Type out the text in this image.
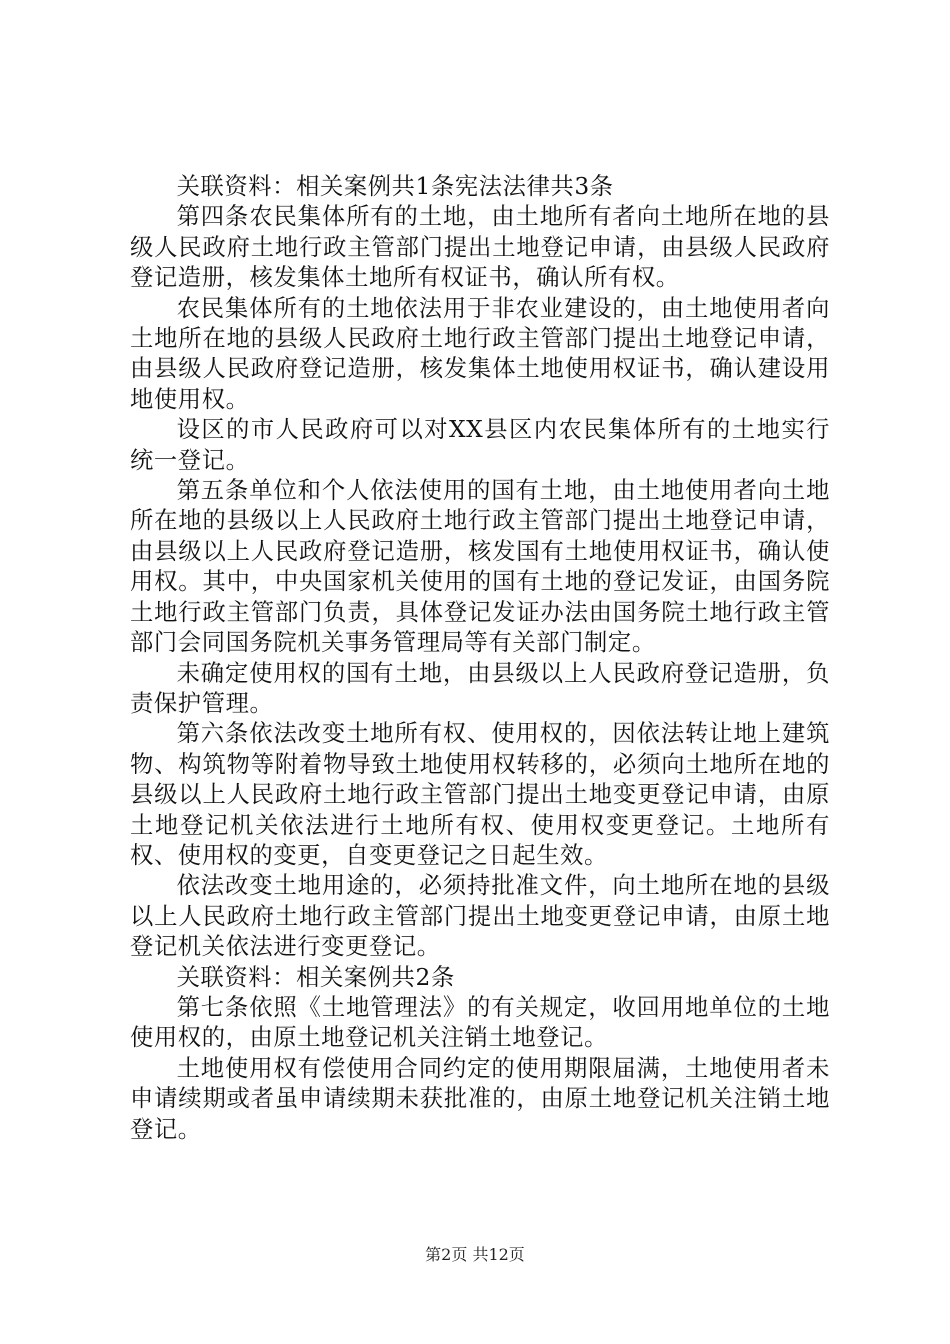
关联资料：相关案例共1条宪法法律共3条

第四条农民集体所有的土地，由土地所有者向土地所在地的县级人民政府土地行政主管部门提出土地登记申请，由县级人民政府登记造册，核发集体土地所有权证书，确认所有权。

农民集体所有的土地依法用于非农业建设的，由土地使用者向土地所在地的县级人民政府土地行政主管部门提出土地登记申请，由县级人民政府登记造册，核发集体土地使用权证书，确认建设用地使用权。

设区的市人民政府可以对XX县区内农民集体所有的土地实行统一登记。

第五条单位和个人依法使用的国有土地，由土地使用者向土地所在地的县级以上人民政府土地行政主管部门提出土地登记申请，由县级以上人民政府登记造册，核发国有土地使用权证书，确认使用权。其中，中央国家机关使用的国有土地的登记发证，由国务院土地行政主管部门负责，具体登记发证办法由国务院土地行政主管部门会同国务院机关事务管理局等有关部门制定。

未确定使用权的国有土地，由县级以上人民政府登记造册，负责保护管理。

第六条依法改变土地所有权、使用权的，因依法转让地上建筑物、构筑物等附着物导致土地使用权转移的，必须向土地所在地的县级以上人民政府土地行政主管部门提出土地变更登记申请，由原土地登记机关依法进行土地所有权、使用权变更登记。土地所有权、使用权的变更，自变更登记之日起生效。

依法改变土地用途的，必须持批准文件，向土地所在地的县级以上人民政府土地行政主管部门提出土地变更登记申请，由原土地登记机关依法进行变更登记。

关联资料：相关案例共2条

第七条依照《土地管理法》的有关规定，收回用地单位的土地使用权的，由原土地登记机关注销土地登记。

土地使用权有偿使用合同约定的使用期限届满，土地使用者未申请续期或者虽申请续期未获批准的，由原土地登记机关注销土地登记。

第2页 共12页
